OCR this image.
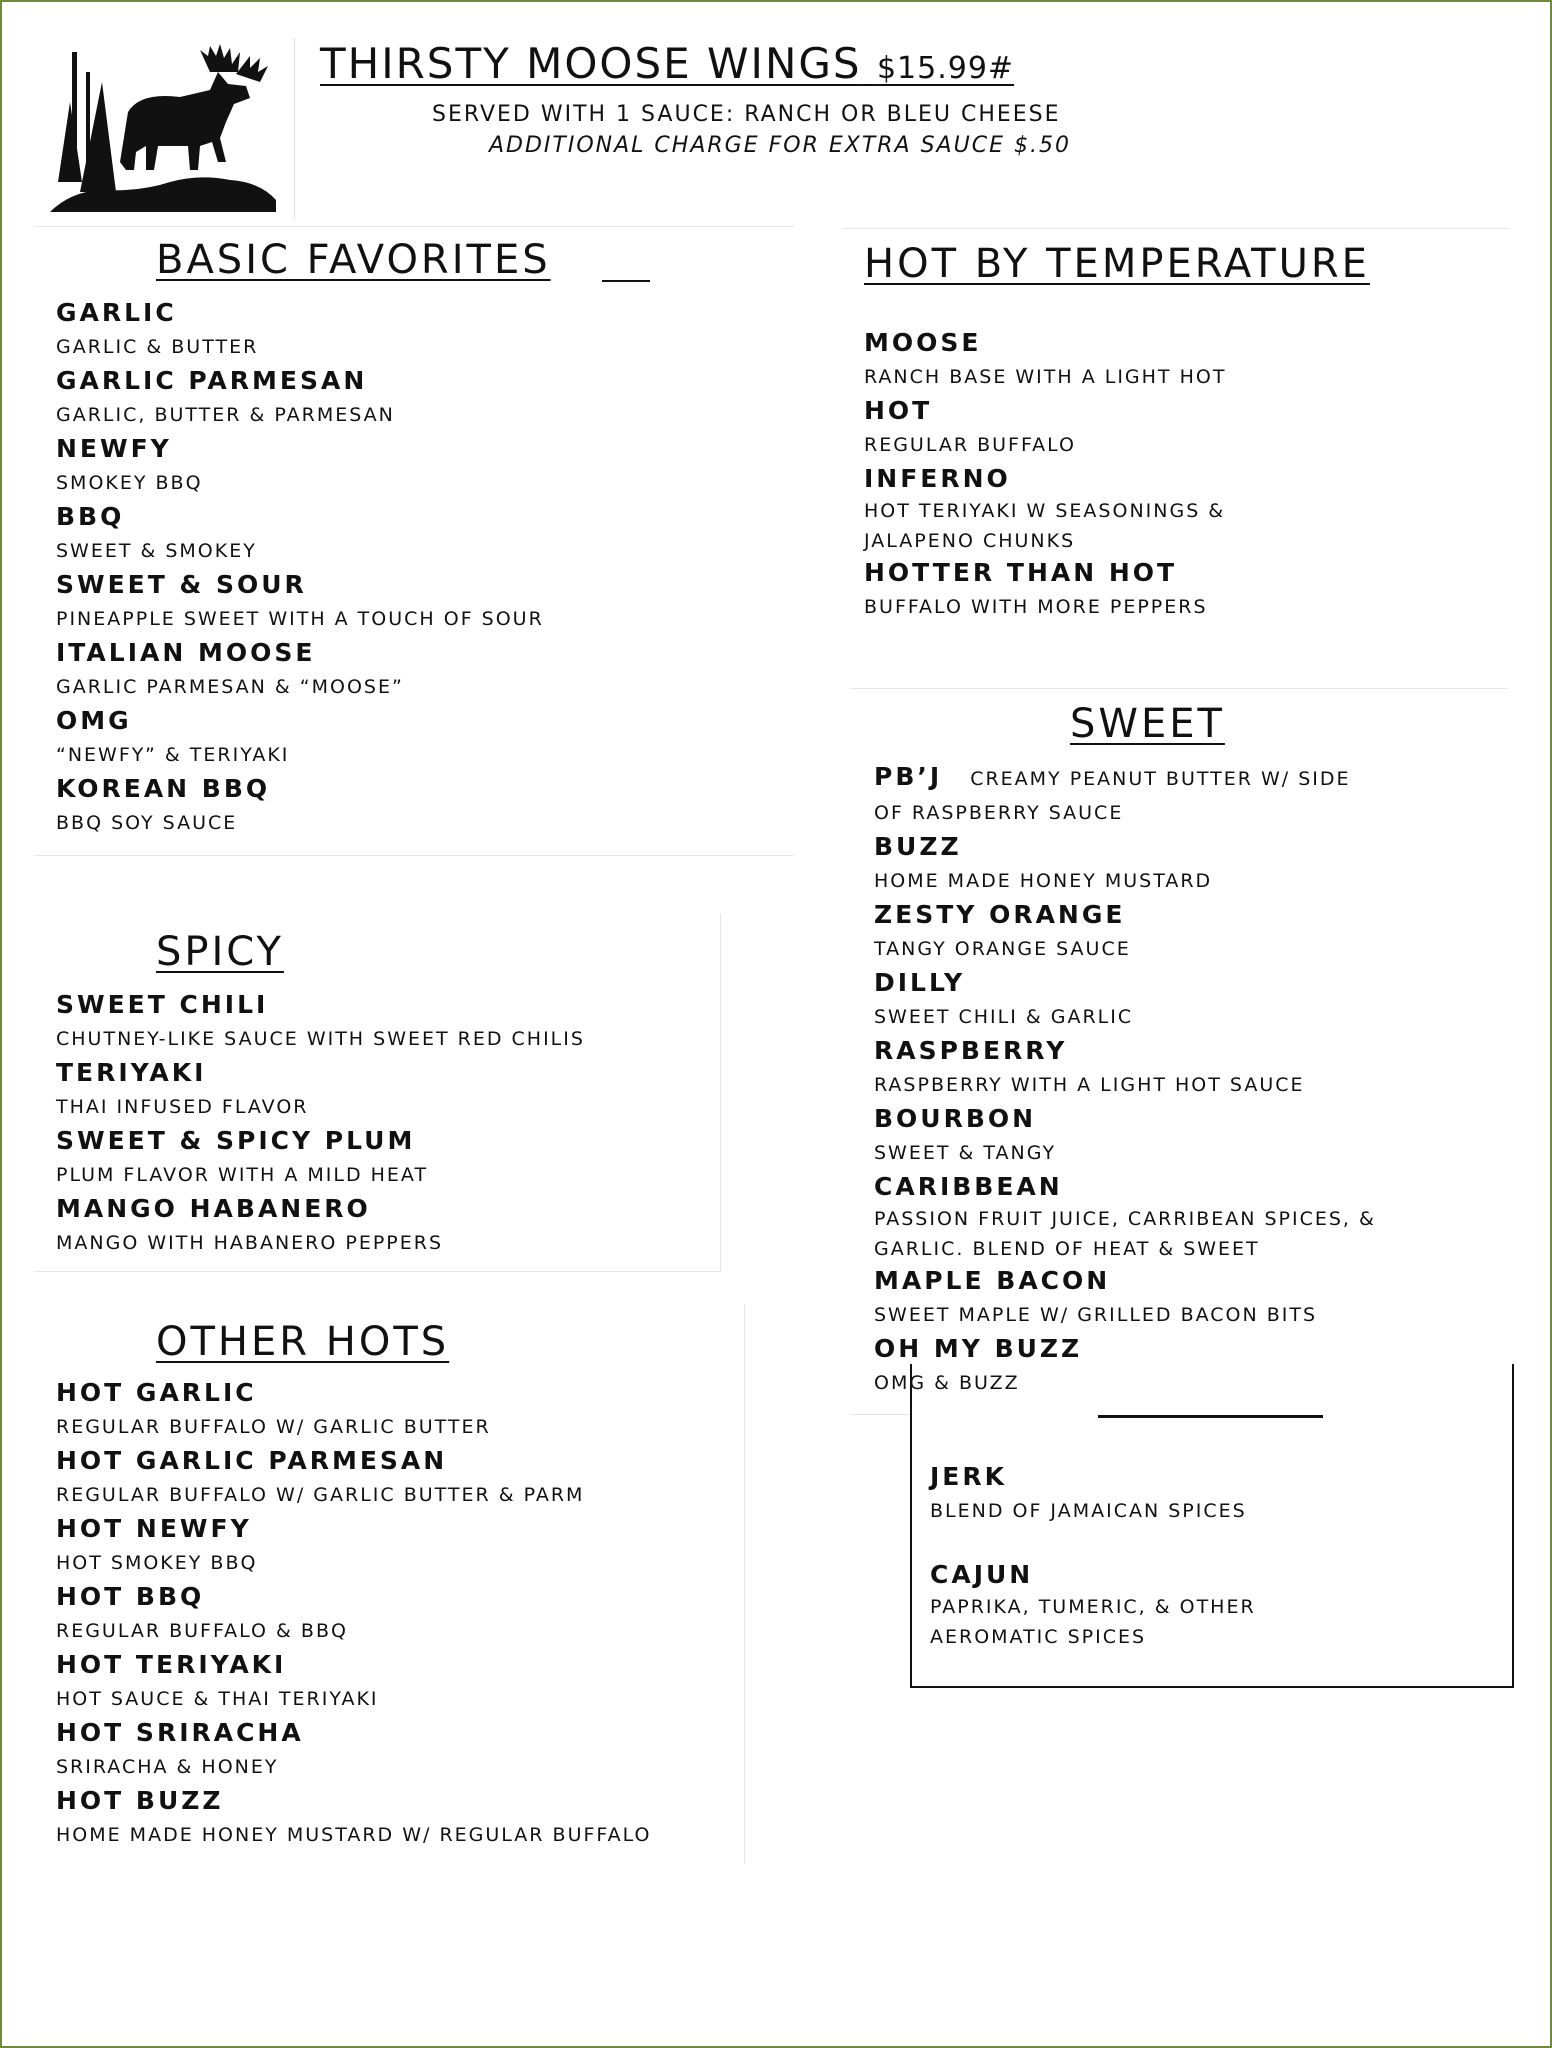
THIRSTY MOOSE WINGS $15.99#
SERVED WITH 1 SAUCE: RANCH OR BLEU CHEESE
ADDITIONAL CHARGE FOR EXTRA SAUCE $.50
BASIC FAVORITES
GARLIC
GARLIC & BUTTER
GARLIC PARMESAN
GARLIC, BUTTER & PARMESAN
NEWFY
SMOKEY BBQ
BBQ
SWEET & SMOKEY
SWEET & SOUR
PINEAPPLE SWEET WITH A TOUCH OF SOUR
ITALIAN MOOSE
GARLIC PARMESAN & “MOOSE”
OMG
“NEWFY” & TERIYAKI
KOREAN BBQ
BBQ SOY SAUCE
SPICY
SWEET CHILI
CHUTNEY-LIKE SAUCE WITH SWEET RED CHILIS
TERIYAKI
THAI INFUSED FLAVOR
SWEET & SPICY PLUM
PLUM FLAVOR WITH A MILD HEAT
MANGO HABANERO
MANGO WITH HABANERO PEPPERS
OTHER HOTS
HOT GARLIC
REGULAR BUFFALO W/ GARLIC BUTTER
HOT GARLIC PARMESAN
REGULAR BUFFALO W/ GARLIC BUTTER & PARM
HOT NEWFY
HOT SMOKEY BBQ
HOT BBQ
REGULAR BUFFALO & BBQ
HOT TERIYAKI
HOT SAUCE & THAI TERIYAKI
HOT SRIRACHA
SRIRACHA & HONEY
HOT BUZZ
HOME MADE HONEY MUSTARD W/ REGULAR BUFFALO
HOT BY TEMPERATURE
MOOSE
RANCH BASE WITH A LIGHT HOT
HOT
REGULAR BUFFALO
INFERNO
HOT TERIYAKI W SEASONINGS & JALAPENO CHUNKS
HOTTER THAN HOT
BUFFALO WITH MORE PEPPERS
SWEET
PB’J CREAMY PEANUT BUTTER W/ SIDE
OF RASPBERRY SAUCE
BUZZ
HOME MADE HONEY MUSTARD
ZESTY ORANGE
TANGY ORANGE SAUCE
DILLY
SWEET CHILI & GARLIC
RASPBERRY
RASPBERRY WITH A LIGHT HOT SAUCE
BOURBON
SWEET & TANGY
CARIBBEAN
PASSION FRUIT JUICE, CARRIBEAN SPICES, & GARLIC. BLEND OF HEAT & SWEET
MAPLE BACON
SWEET MAPLE W/ GRILLED BACON BITS
OH MY BUZZ
OMG & BUZZ
JERK
BLEND OF JAMAICAN SPICES
CAJUN
PAPRIKA, TUMERIC, & OTHER AEROMATIC SPICES
